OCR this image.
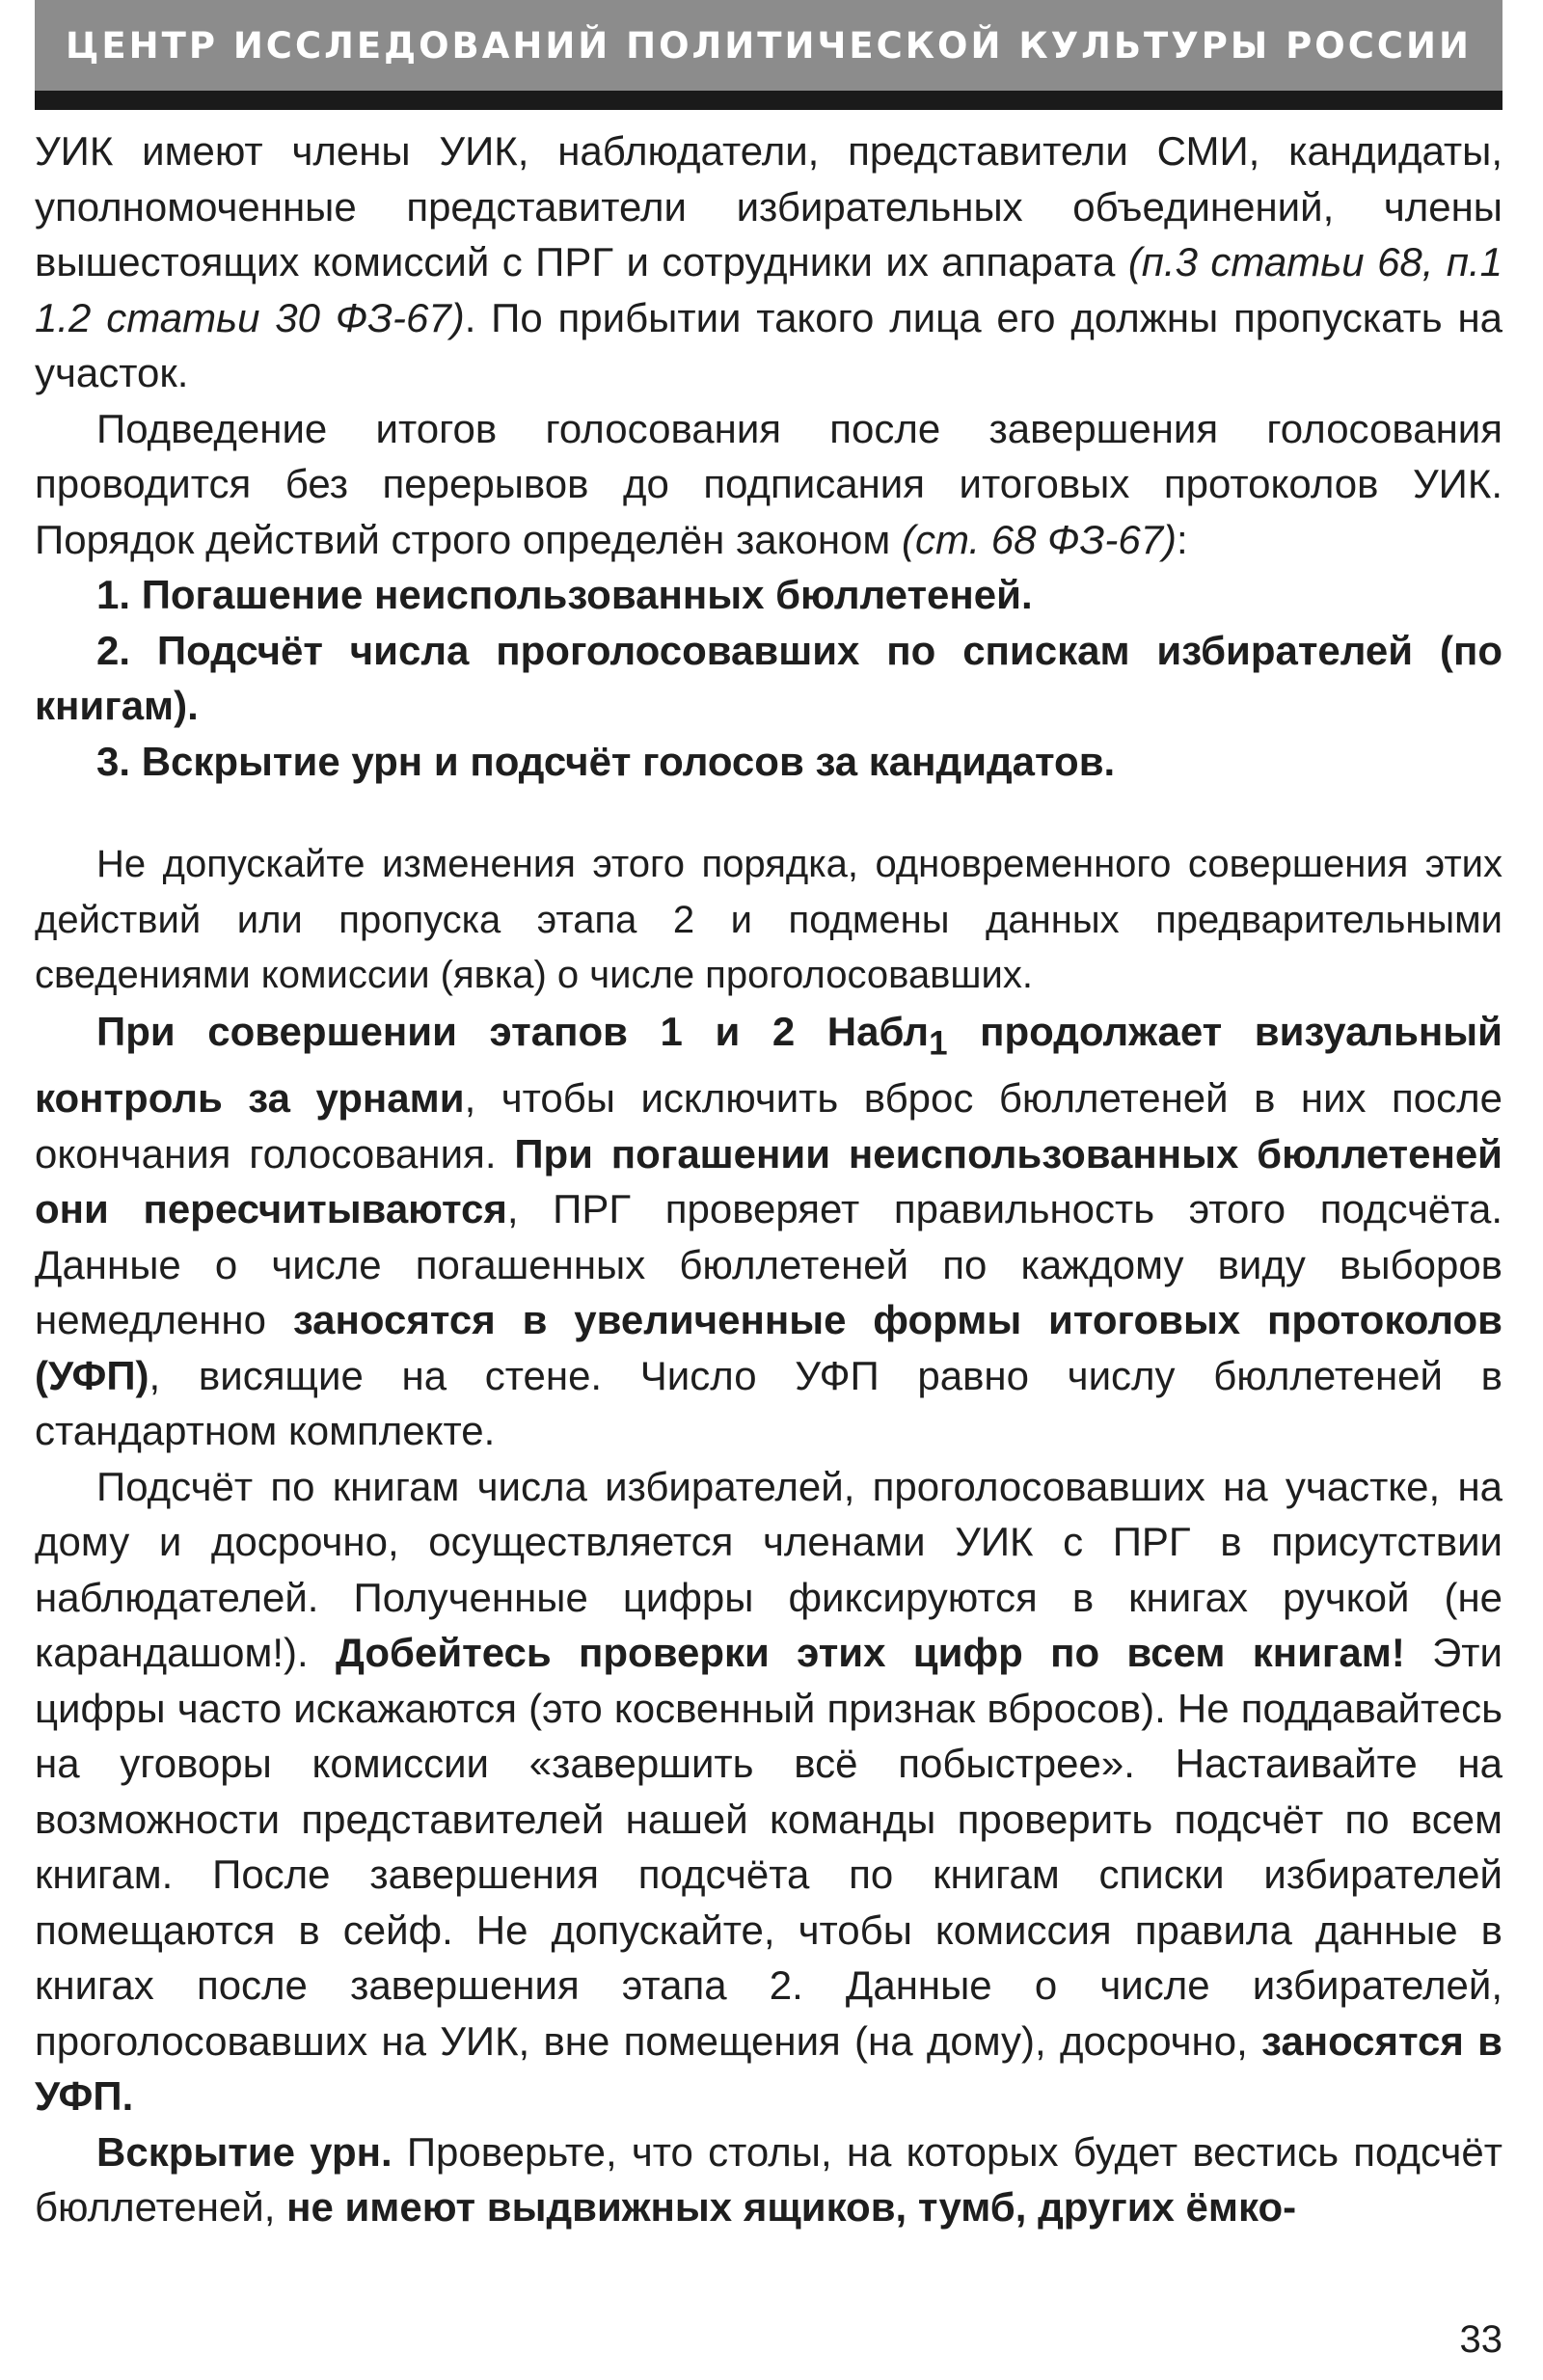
ЦЕНТР ИССЛЕДОВАНИЙ ПОЛИТИЧЕСКОЙ КУЛЬТУРЫ РОССИИ

УИК имеют члены УИК, наблюдатели, представители СМИ, кандидаты, уполномоченные представители избирательных объединений, члены вышестоящих комиссий с ПРГ и сотрудники их аппарата (п.3 статьи 68, п.1 1.2 статьи 30 ФЗ-67). По прибытии такого лица его должны пропускать на участок.

Подведение итогов голосования после завершения голосования проводится без перерывов до подписания итоговых протоколов УИК. Порядок действий строго определён законом (ст. 68 ФЗ-67):

1. Погашение неиспользованных бюллетеней.

2. Подсчёт числа проголосовавших по спискам избирателей (по книгам).

3. Вскрытие урн и подсчёт голосов за кандидатов.

Не допускайте изменения этого порядка, одновременного совершения этих действий или пропуска этапа 2 и подмены данных предварительными сведениями комиссии (явка) о числе проголосовавших.

При совершении этапов 1 и 2 Набл$_1$ продолжает визуальный контроль за урнами, чтобы исключить вброс бюллетеней в них после окончания голосования. При погашении неиспользованных бюллетеней они пересчитываются, ПРГ проверяет правильность этого подсчёта. Данные о числе погашенных бюллетеней по каждому виду выборов немедленно заносятся в увеличенные формы итоговых протоколов (УФП), висящие на стене. Число УФП равно числу бюллетеней в стандартном комплекте.

Подсчёт по книгам числа избирателей, проголосовавших на участке, на дому и досрочно, осуществляется членами УИК с ПРГ в присутствии наблюдателей. Полученные цифры фиксируются в книгах ручкой (не карандашом!). Добейтесь проверки этих цифр по всем книгам! Эти цифры часто искажаются (это косвенный признак вбросов). Не поддавайтесь на уговоры комиссии «завершить всё побыстрее». Настаивайте на возможности представителей нашей команды проверить подсчёт по всем книгам. После завершения подсчёта по книгам списки избирателей помещаются в сейф. Не допускайте, чтобы комиссия правила данные в книгах после завершения этапа 2. Данные о числе избирателей, проголосовавших на УИК, вне помещения (на дому), досрочно, заносятся в УФП.

Вскрытие урн. Проверьте, что столы, на которых будет вестись подсчёт бюллетеней, не имеют выдвижных ящиков, тумб, других ёмко-

33
